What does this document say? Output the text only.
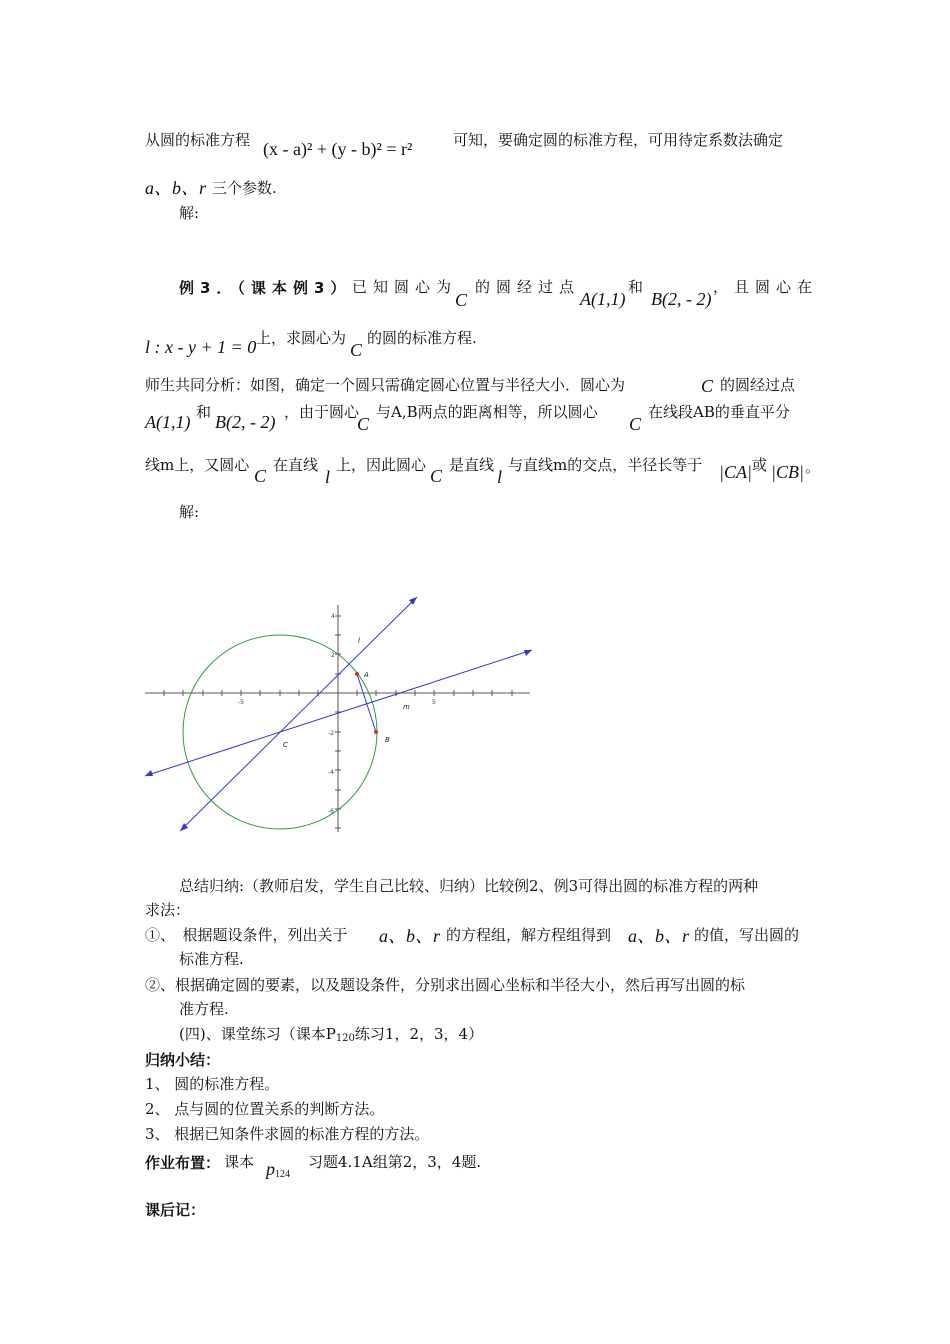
从圆的标准方程 (x - a)² + (y - b)² = r²	可知，要确定圆的标准方程，可用待定系数法确定
a、b、r 三个参数.
解:
例3．（课本例3） 已知圆心为
C
的圆经过点
A(1,1)
和
B(2, - 2)
，且圆心在
l : x - y + 1 = 0 上，求圆心为
C
的圆的标准方程.
师生共同分析：如图，确定一个圆只需确定圆心位置与半径大小．圆心为	C 的圆经过点
A(1,1) 和 B(2, - 2) ，由于圆心
C
与A,B两点的距离相等，所以圆心
C
在线段AB的垂直平分
线m上，又圆心
C
在直线
l
上，因此圆心
C
是直线
l
与直线m的交点，半径长等于 |CA| 或 |CB| 。
解:
-5	5
4
2
-2
-4
-6
l
m
A
B
C
总结归纳:（教师启发，学生自己比较、归纳）比较例2、例3可得出圆的标准方程的两种
求法：
①、　根据题设条件，列出关于 a、b、r 的方程组，解方程组得到 a、b、r 的值，写出圆的
标准方程.
②、根据确定圆的要素，以及题设条件，分别求出圆心坐标和半径大小，然后再写出圆的标
准方程.
(四)、课堂练习（课本$P_{120}$练习1，2，3，4）
归纳小结：
1、 圆的标准方程。
2、 点与圆的位置关系的判断方法。
3、 根据已知条件求圆的标准方程的方法。
作业布置： 课本 $p_{124}$
习题4.1A组第2，3，4题.
课后记：
